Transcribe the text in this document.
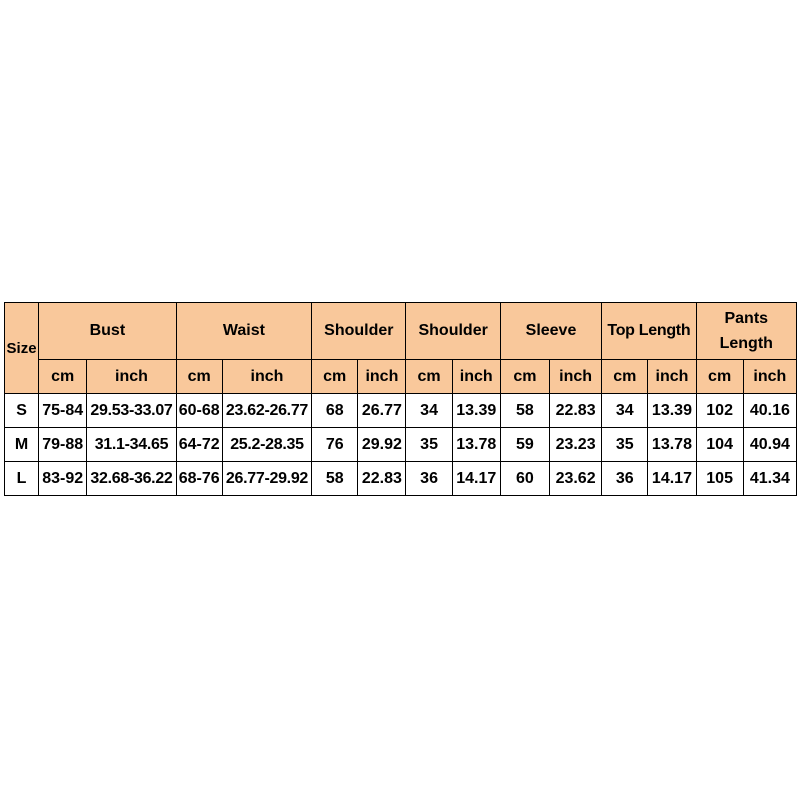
Size	Bust		Waist		Shoulder		Shoulder		Sleeve		Top Length		Pants Length	
	cm	inch	cm	inch	cm	inch	cm	inch	cm	inch	cm	inch	cm	inch
S	75-84	29.53-33.07	60-68	23.62-26.77	68	26.77	34	13.39	58	22.83	34	13.39	102	40.16
M	79-88	31.1-34.65	64-72	25.2-28.35	76	29.92	35	13.78	59	23.23	35	13.78	104	40.94
L	83-92	32.68-36.22	68-76	26.77-29.92	58	22.83	36	14.17	60	23.62	36	14.17	105	41.34
